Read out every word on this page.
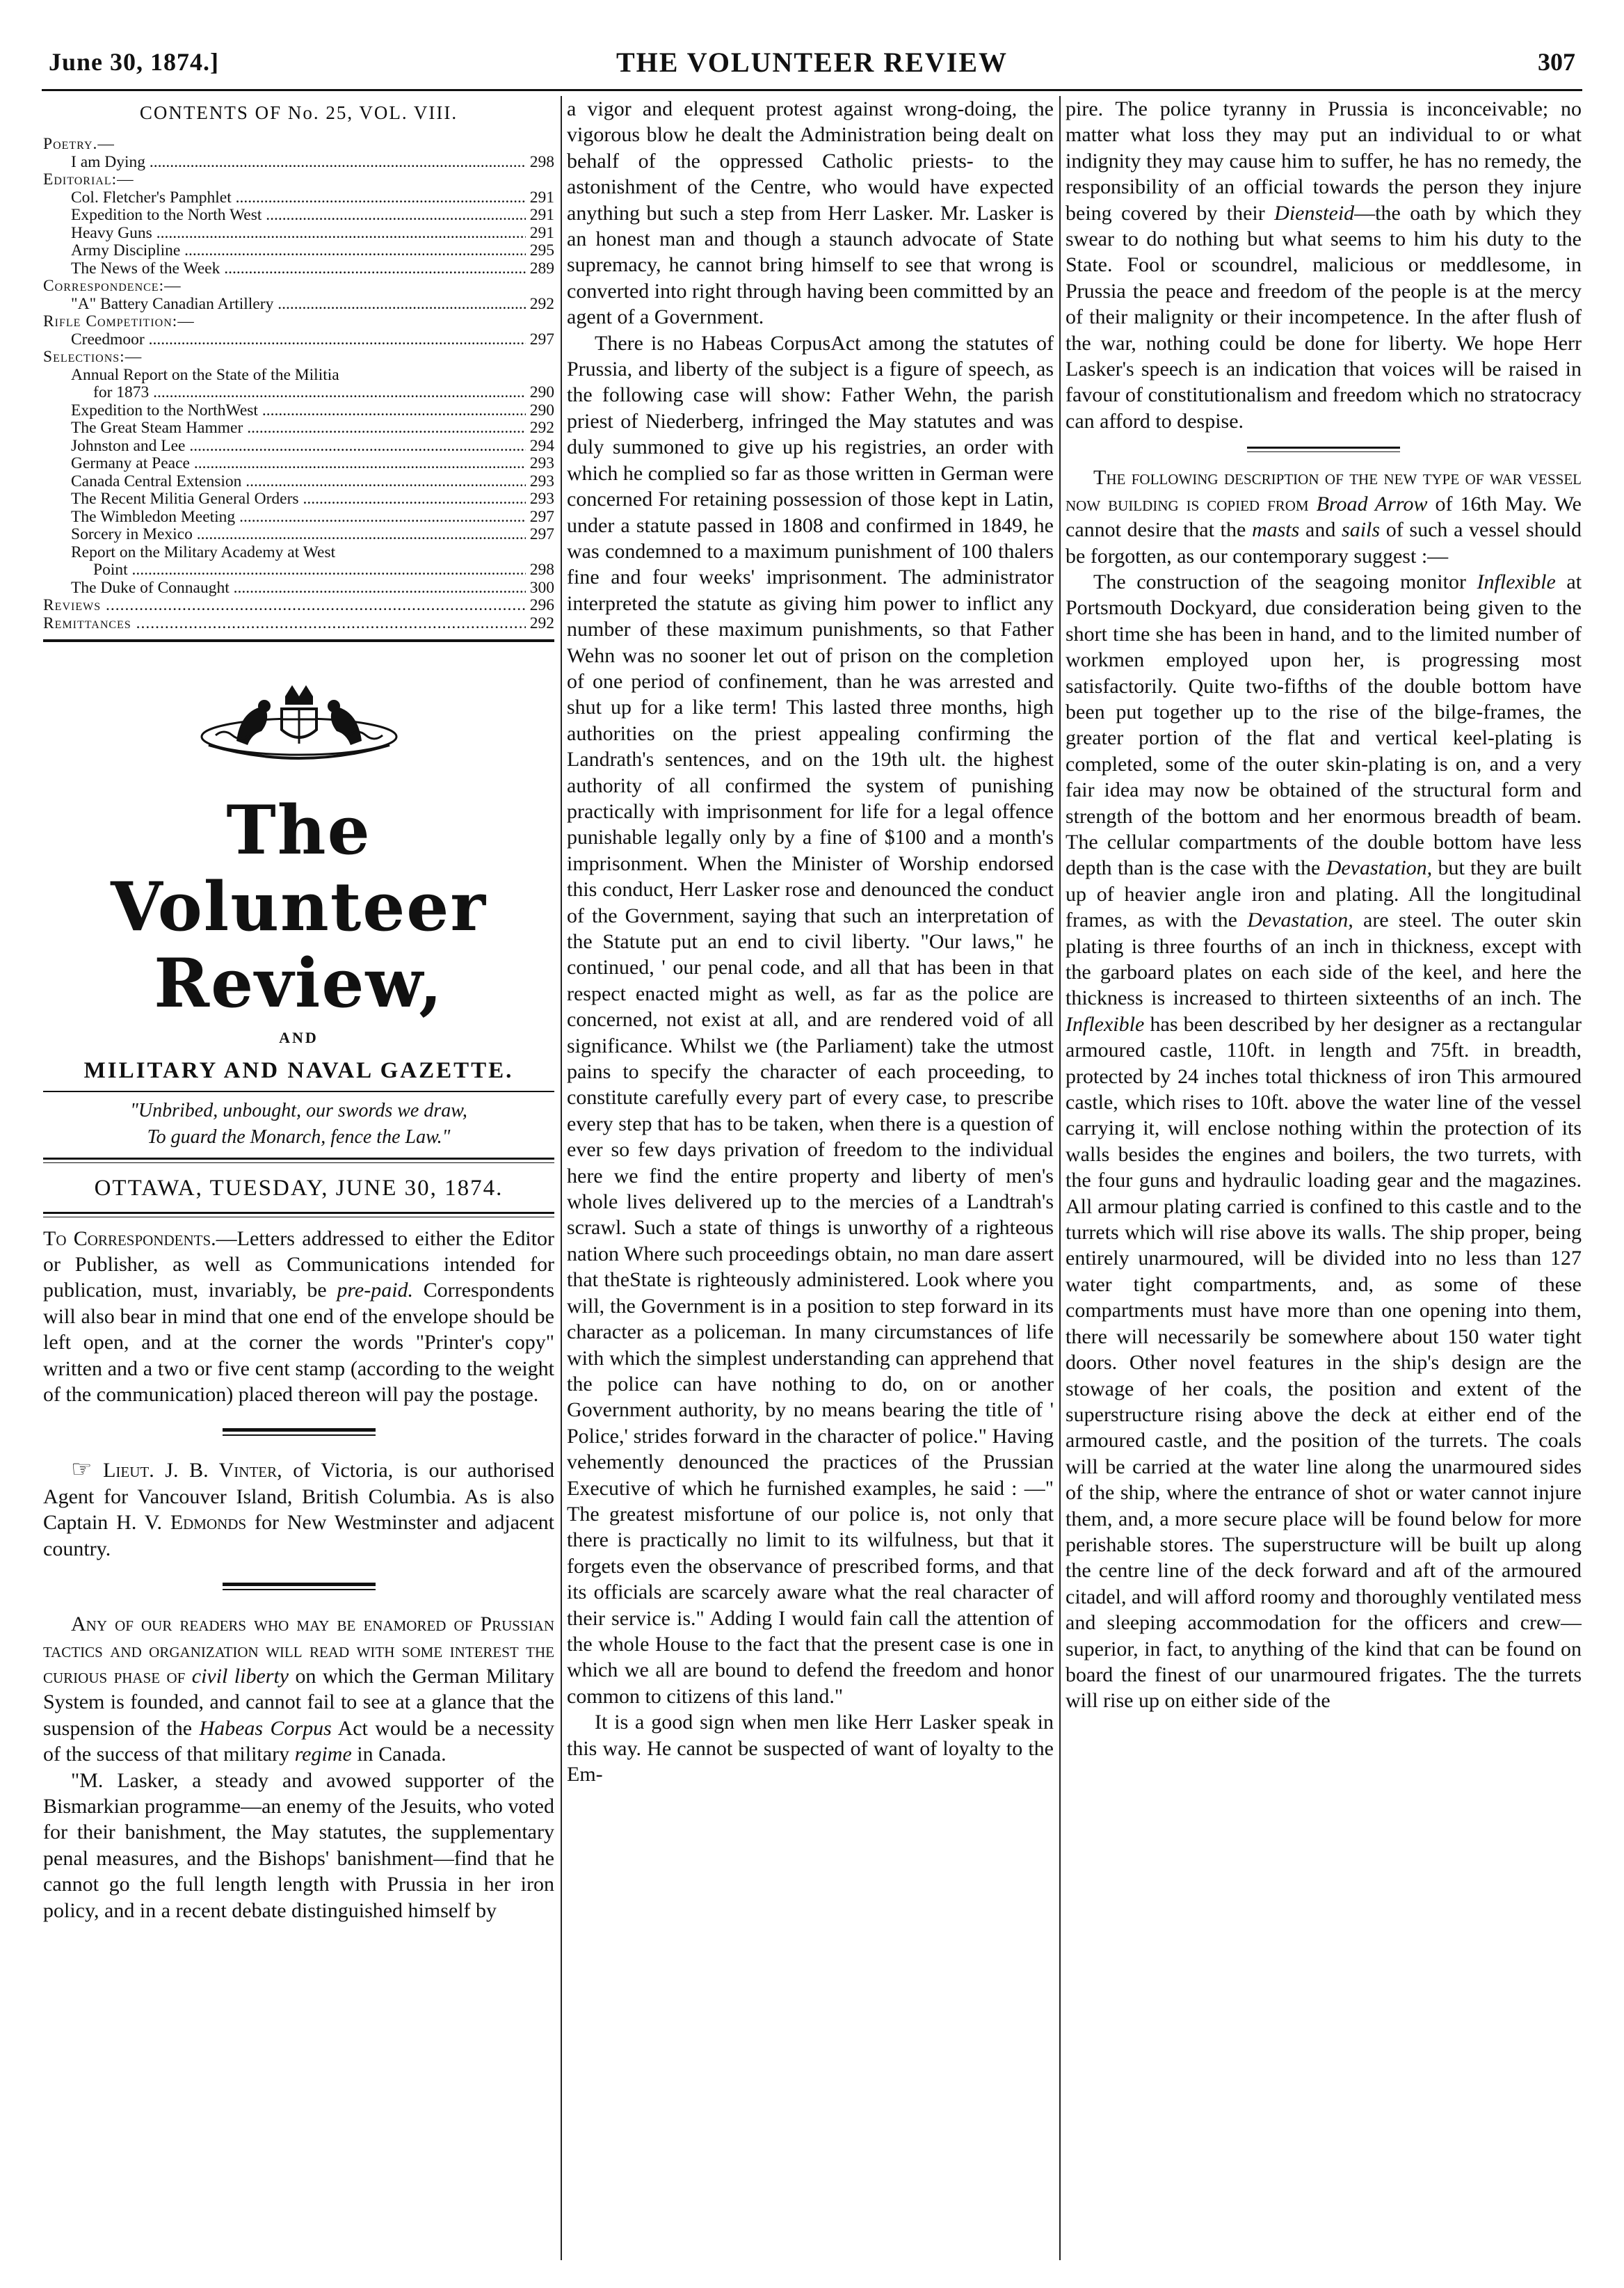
June 30, 1874.]	THE VOLUNTEER REVIEW	307
CONTENTS OF No. 25, VOL. VIII.
Poetry.—
I am Dying .....	298
Editorial:—
Col. Fletcher's Pamphlet .....	291
Expedition to the North West .....	291
Heavy Guns .....	291
Army Discipline .....	295
The News of the Week .....	289
Correspondence:—
"A" Battery Canadian Artillery .....	292
Rifle Competition:—
Creedmoor .....	297
Selections:—
Annual Report on the State of the Militia
for 1873 .....	290
Expedition to the NorthWest .....	290
The Great Steam Hammer .....	292
Johnston and Lee .....	294
Germany at Peace .....	293
Canada Central Extension .....	293
The Recent Militia General Orders .....	293
The Wimbledon Meeting .....	297
Sorcery in Mexico .....	297
Report on the Military Academy at West
Point .....	298
The Duke of Connaught .....	300
Reviews .....	296
Remittances .....	292
The Volunteer Review,
AND
MILITARY AND NAVAL GAZETTE.
"Unbribed, unbought, our swords we draw,
To guard the Monarch, fence the Law."
OTTAWA, TUESDAY, JUNE 30, 1874.

To Correspondents.—Letters addressed to either the Editor or Publisher, as well as Communications intended for publication, must, invariably, be pre-paid. Correspondents will also bear in mind that one end of the envelope should be left open, and at the corner the words "Printer's copy" written and a two or five cent stamp (according to the weight of the communication) placed thereon will pay the postage.

☞ Lieut. J. B. Vinter, of Victoria, is our authorised Agent for Vancouver Island, British Columbia. As is also Captain H. V. Edmonds for New Westminster and adjacent country.

Any of our readers who may be enamored of Prussian tactics and organization will read with some interest the curious phase of civil liberty on which the German Military System is founded, and cannot fail to see at a glance that the suspension of the Habeas Corpus Act would be a necessity of the success of that military regime in Canada.

"M. Lasker, a steady and avowed supporter of the Bismarkian programme—an enemy of the Jesuits, who voted for their banishment, the May statutes, the supplementary penal measures, and the Bishops' banishment—find that he cannot go the full length length with Prussia in her iron policy, and in a recent debate distinguished himself by

a vigor and elequent protest against wrong-doing, the vigorous blow he dealt the Administration being dealt on behalf of the oppressed Catholic priests- to the astonishment of the Centre, who would have expected anything but such a step from Herr Lasker. Mr. Lasker is an honest man and though a staunch advocate of State supremacy, he cannot bring himself to see that wrong is converted into right through having been committed by an agent of a Government.

There is no Habeas CorpusAct among the statutes of Prussia, and liberty of the subject is a figure of speech, as the following case will show: Father Wehn, the parish priest of Niederberg, infringed the May statutes and was duly summoned to give up his registries, an order with which he complied so far as those written in German were concerned For retaining possession of those kept in Latin, under a statute passed in 1808 and confirmed in 1849, he was condemned to a maximum punishment of 100 thalers fine and four weeks' imprisonment. The administrator interpreted the statute as giving him power to inflict any number of these maximum punishments, so that Father Wehn was no sooner let out of prison on the completion of one period of confinement, than he was arrested and shut up for a like term! This lasted three months, high authorities on the priest appealing confirming the Landrath's sentences, and on the 19th ult. the highest authority of all confirmed the system of punishing practically with imprisonment for life for a legal offence punishable legally only by a fine of $100 and a month's imprisonment. When the Minister of Worship endorsed this conduct, Herr Lasker rose and denounced the conduct of the Government, saying that such an interpretation of the Statute put an end to civil liberty. "Our laws," he continued, ' our penal code, and all that has been in that respect enacted might as well, as far as the police are concerned, not exist at all, and are rendered void of all significance. Whilst we (the Parliament) take the utmost pains to specify the character of each proceeding, to constitute carefully every part of every case, to prescribe every step that has to be taken, when there is a question of ever so few days privation of freedom to the individual here we find the entire property and liberty of men's whole lives delivered up to the mercies of a Landtrah's scrawl. Such a state of things is unworthy of a righteous nation Where such proceedings obtain, no man dare assert that theState is righteously administered. Look where you will, the Government is in a position to step forward in its character as a policeman. In many circumstances of life with which the simplest understanding can apprehend that the police can have nothing to do, on or another Government authority, by no means bearing the title of ' Police,' strides forward in the character of police." Having vehemently denounced the practices of the Prussian Executive of which he furnished examples, he said : —" The greatest misfortune of our police is, not only that there is practically no limit to its wilfulness, but that it forgets even the observance of prescribed forms, and that its officials are scarcely aware what the real character of their service is." Adding I would fain call the attention of the whole House to the fact that the present case is one in which we all are bound to defend the freedom and honor common to citizens of this land."

It is a good sign when men like Herr Lasker speak in this way. He cannot be suspected of want of loyalty to the Em-

pire. The police tyranny in Prussia is inconceivable; no matter what loss they may put an individual to or what indignity they may cause him to suffer, he has no remedy, the responsibility of an official towards the person they injure being covered by their Diensteid—the oath by which they swear to do nothing but what seems to him his duty to the State. Fool or scoundrel, malicious or meddlesome, in Prussia the peace and freedom of the people is at the mercy of their malignity or their incompetence. In the after flush of the war, nothing could be done for liberty. We hope Herr Lasker's speech is an indication that voices will be raised in favour of constitutionalism and freedom which no stratocracy can afford to despise.

The following description of the new type of war vessel now building is copied from Broad Arrow of 16th May. We cannot desire that the masts and sails of such a vessel should be forgotten, as our contemporary suggest :—

The construction of the seagoing monitor Inflexible at Portsmouth Dockyard, due consideration being given to the short time she has been in hand, and to the limited number of workmen employed upon her, is progressing most satisfactorily. Quite two-fifths of the double bottom have been put together up to the rise of the bilge-frames, the greater portion of the flat and vertical keel-plating is completed, some of the outer skin-plating is on, and a very fair idea may now be obtained of the structural form and strength of the bottom and her enormous breadth of beam. The cellular compartments of the double bottom have less depth than is the case with the Devastation, but they are built up of heavier angle iron and plating. All the longitudinal frames, as with the Devastation, are steel. The outer skin plating is three fourths of an inch in thickness, except with the garboard plates on each side of the keel, and here the thickness is increased to thirteen sixteenths of an inch. The Inflexible has been described by her designer as a rectangular armoured castle, 110ft. in length and 75ft. in breadth, protected by 24 inches total thickness of iron This armoured castle, which rises to 10ft. above the water line of the vessel carrying it, will enclose nothing within the protection of its walls besides the engines and boilers, the two turrets, with the four guns and hydraulic loading gear and the magazines. All armour plating carried is confined to this castle and to the turrets which will rise above its walls. The ship proper, being entirely unarmoured, will be divided into no less than 127 water tight compartments, and, as some of these compartments must have more than one opening into them, there will necessarily be somewhere about 150 water tight doors. Other novel features in the ship's design are the stowage of her coals, the position and extent of the superstructure rising above the deck at either end of the armoured castle, and the position of the turrets. The coals will be carried at the water line along the unarmoured sides of the ship, where the entrance of shot or water cannot injure them, and, a more secure place will be found below for more perishable stores. The superstructure will be built up along the centre line of the deck forward and aft of the armoured citadel, and will afford roomy and thoroughly ventilated mess and sleeping accommodation for the officers and crew—superior, in fact, to anything of the kind that can be found on board the finest of our unarmoured frigates. The the turrets will rise up on either side of the
